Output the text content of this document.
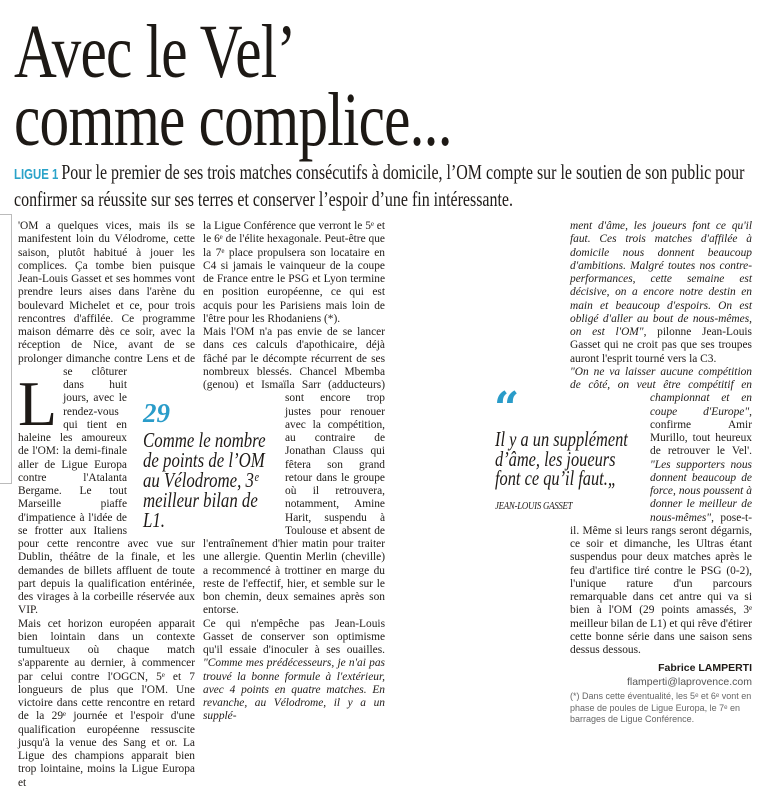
Avec le Vel’
comme complice...
LIGUE 1 Pour le premier de ses trois matches consécutifs à domicile, l’OM compte sur le soutien de son public pour confirmer sa réussite sur ses terres et conserver l’espoir d’une fin intéressante.

L
'OM a quelques vices, mais ils se manifestent loin du Vélodrome, cette saison, plutôt habitué à jouer les complices. Ça tombe bien puisque Jean-Louis Gasset et ses hommes vont prendre leurs aises dans l'arène du boulevard Michelet et ce, pour trois rencontres d'affilée. Ce programme maison démarre dès ce soir, avec la réception de Nice, avant de se prolonger dimanche contre Lens et de se clôturer dans huit jours, avec le rendez-vous qui tient en haleine les amoureux de l'OM: la demi-finale aller de Ligue Europa contre l'Atalanta Bergame. Le tout Marseille piaffe d'impatience à l'idée de se frotter aux Italiens pour cette rencontre avec vue sur Dublin, théâtre de la finale, et les demandes de billets affluent de toute part depuis la qualification entérinée, des virages à la corbeille réservée aux VIP.

Mais cet horizon européen apparait bien lointain dans un contexte tumultueux où chaque match s'apparente au dernier, à commencer par celui contre l'OGCN, 5ᵉ et 7 longueurs de plus que l'OM. Une victoire dans cette rencontre en retard de la 29ᵉ journée et l'espoir d'une qualification européenne ressuscite jusqu'à la venue des Sang et or. La Ligue des champions apparait bien trop lointaine, moins la Ligue Europa et

la Ligue Conférence que verront le 5ᵉ et le 6ᵉ de l'élite hexagonale. Peut-être que la 7ᵉ place propulsera son locataire en C4 si jamais le vainqueur de la coupe de France entre le PSG et Lyon termine en position européenne, ce qui est acquis pour les Parisiens mais loin de l'être pour les Rhodaniens (*).

Mais l'OM n'a pas envie de se lancer dans ces calculs d'apothicaire, déjà fâché par le décompte récurrent de ses nombreux blessés. Chancel Mbemba (genou) et Ismaïla Sarr (adducteurs) sont encore trop justes pour renouer avec la compétition, au contraire de Jonathan Clauss qui fêtera son grand retour dans le groupe où il retrouvera, notamment, Amine Harit, suspendu à Toulouse et absent de l'entraînement d'hier matin pour traiter une allergie. Quentin Merlin (cheville) a recommencé à trottiner en marge du reste de l'effectif, hier, et semble sur le bon chemin, deux semaines après son entorse.

Ce qui n'empêche pas Jean-Louis Gasset de conserver son optimisme qu'il essaie d'inoculer à ses ouailles. "Comme mes prédécesseurs, je n'ai pas trouvé la bonne formule à l'extérieur, avec 4 points en quatre matches. En revanche, au Vélodrome, il y a un supplé-

ment d'âme, les joueurs font ce qu'il faut. Ces trois matches d'affilée à domicile nous donnent beaucoup d'ambitions. Malgré toutes nos contre-performances, cette semaine est décisive, on a encore notre destin en main et beaucoup d'espoirs. On est obligé d'aller au bout de nous-mêmes, on est l'OM", pilonne Jean-Louis Gasset qui ne croit pas que ses troupes auront l'esprit tourné vers la C3.

"On ne va laisser aucune compétition de côté, on veut être compétitif en championnat et en coupe d'Europe", confirme Amir Murillo, tout heureux de retrouver le Vel'. "Les supporters nous donnent beaucoup de force, nous poussent à donner le meilleur de nous-mêmes", pose-t-il. Même si leurs rangs seront dégarnis, ce soir et dimanche, les Ultras étant suspendus pour deux matches après le feu d'artifice tiré contre le PSG (0-2), l'unique rature d'un parcours remarquable dans cet antre qui va si bien à l'OM (29 points amassés, 3ᵉ meilleur bilan de L1) et qui rêve d'étirer cette bonne série dans une saison sens dessus dessous.

Fabrice LAMPERTI
flamperti@laprovence.com
(*) Dans cette éventualité, les 5ᵉ et 6ᵉ vont en phase de poules de Ligue Europa, le 7ᵉ en barrages de Ligue Conférence.
29
Comme le nombre de points de l’OM au Vélodrome, 3ᵉ meilleur bilan de L1.
“
Il y a un supplément d’âme, les joueurs font ce qu’il faut.„
JEAN-LOUIS GASSET
